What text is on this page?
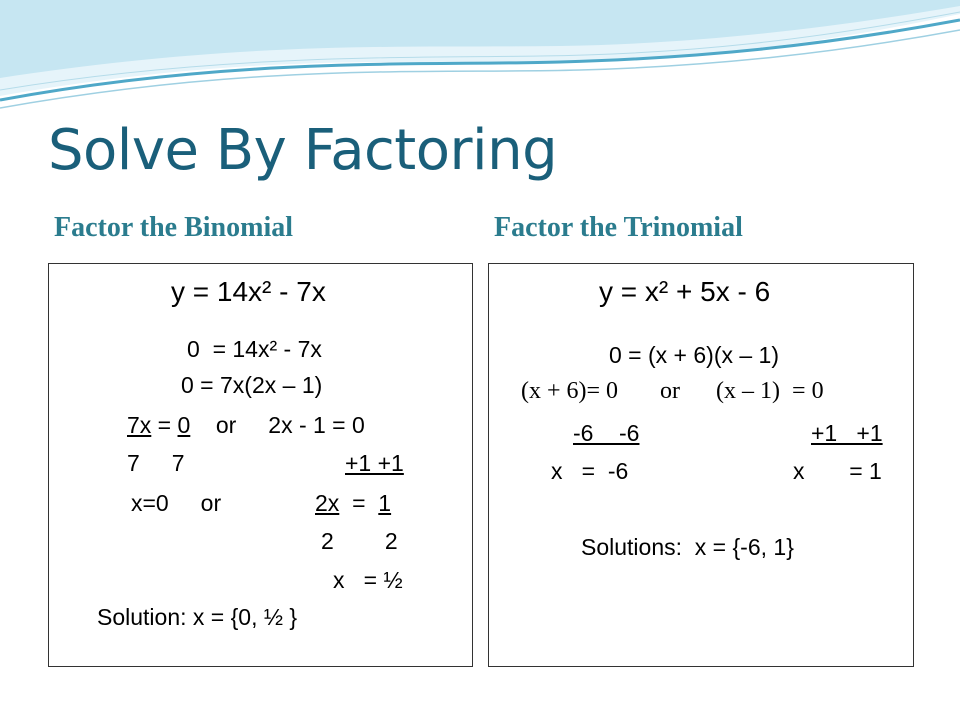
Solve By Factoring
Factor the Binomial	Factor the Trinomial
y = 14x² - 7x
0  = 14x² - 7x
0 = 7x(2x – 1)
7x = 0    or     2x - 1 = 0
7     7	+1 +1
x=0     or	2x  =  1
2        2
x   = ½
Solution: x = {0, ½ }
y = x² + 5x - 6
0 = (x + 6)(x – 1)
(x + 6)= 0       or      (x – 1)  = 0
-6    -6	+1   +1
x   =  -6	x       = 1
Solutions:  x = {-6, 1}
